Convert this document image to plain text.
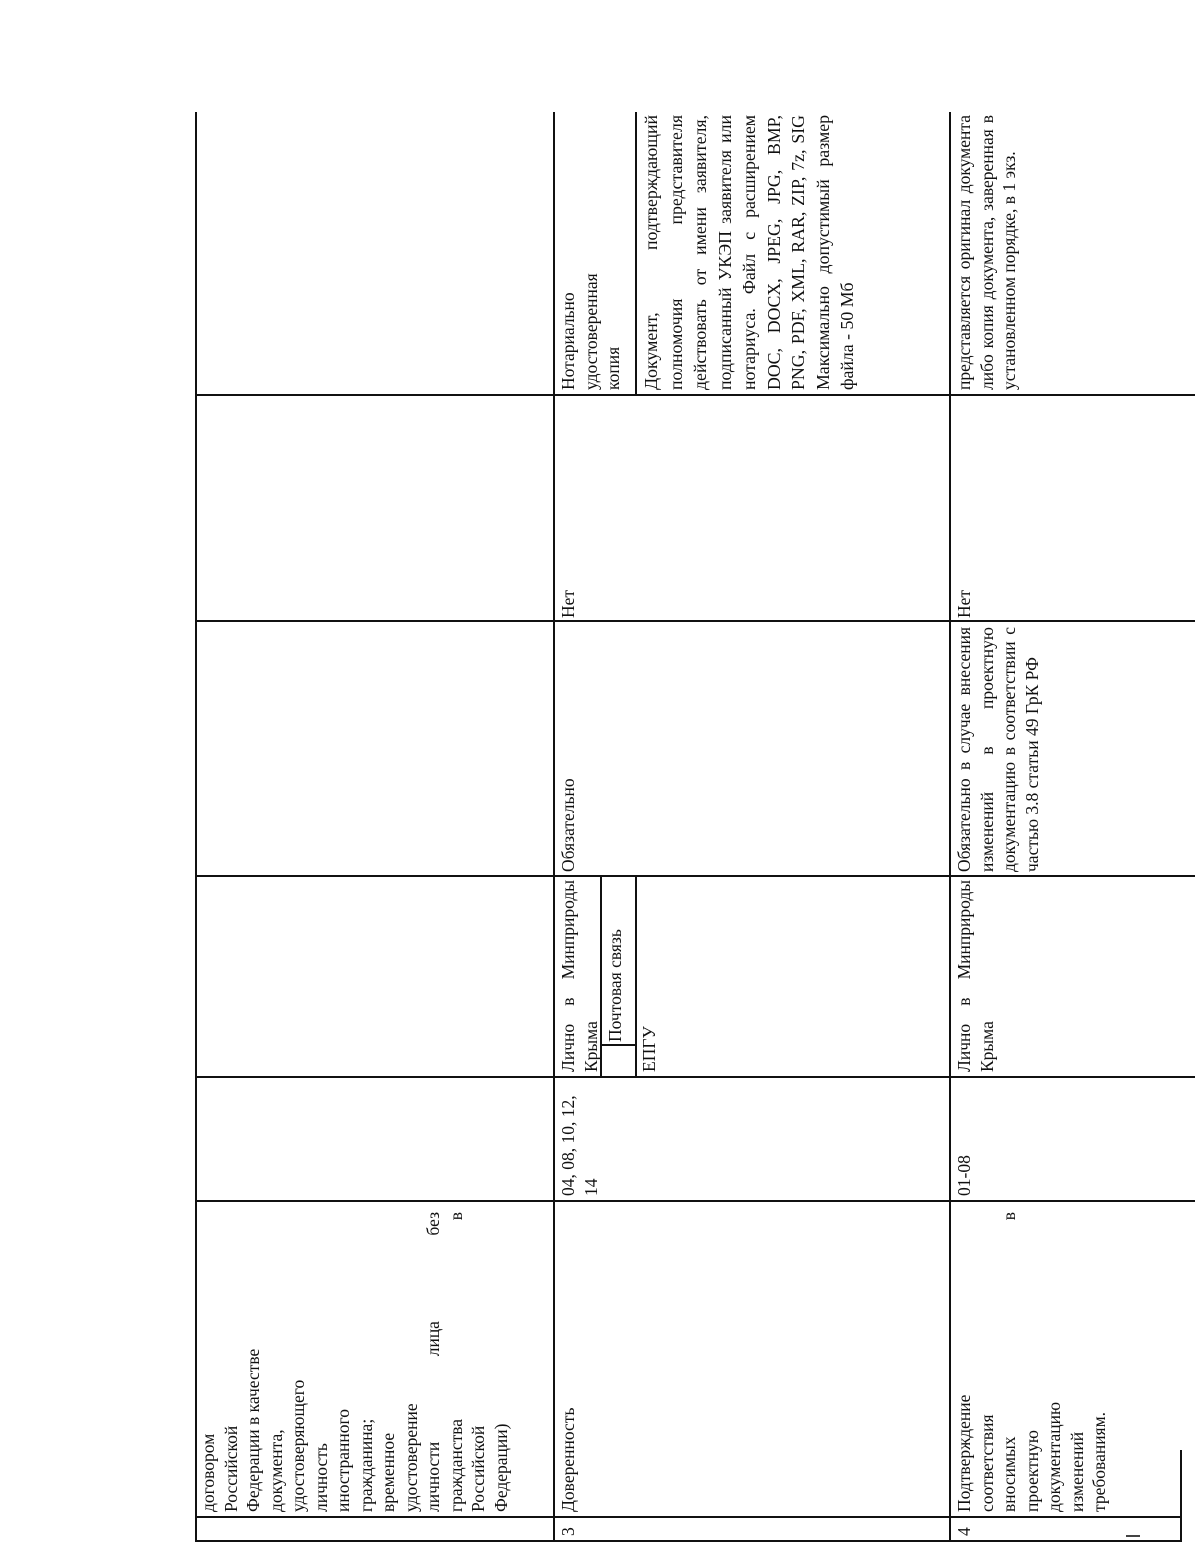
договором Российской Федерации в качестве документа, удостоверяющего личность иностранного гражданина; временное удостоверение личности лица без гражданства в Российской Федерации)
3
Доверенность
04, 08, 10, 12, 14
Лично в Минприроды Крыма
Почтовая связь
ЕПГУ
Обязательно
Нет
Нотариально удостоверенная копия Документ, подтверждающий полномочия представителя действовать от имени заявителя, подписанный УКЭП заявителя или нотариуса. Файл с расширением DOC, DOCX, JPEG, JPG, BMP, PNG, PDF, XML, RAR, ZIP, 7z, SIG Максимально допустимый размер файла - 50 Мб
4
Подтверждение соответствия вносимых в проектную документацию изменений требованиям.
01-08
Лично в Минприроды Крыма
Обязательно в случае внесения изменений в проектную документацию в соответствии с частью 3.8 статьи 49 ГрК РФ
Нет
представляется оригинал документа либо копия документа, заверенная в установленном порядке, в 1 экз.
